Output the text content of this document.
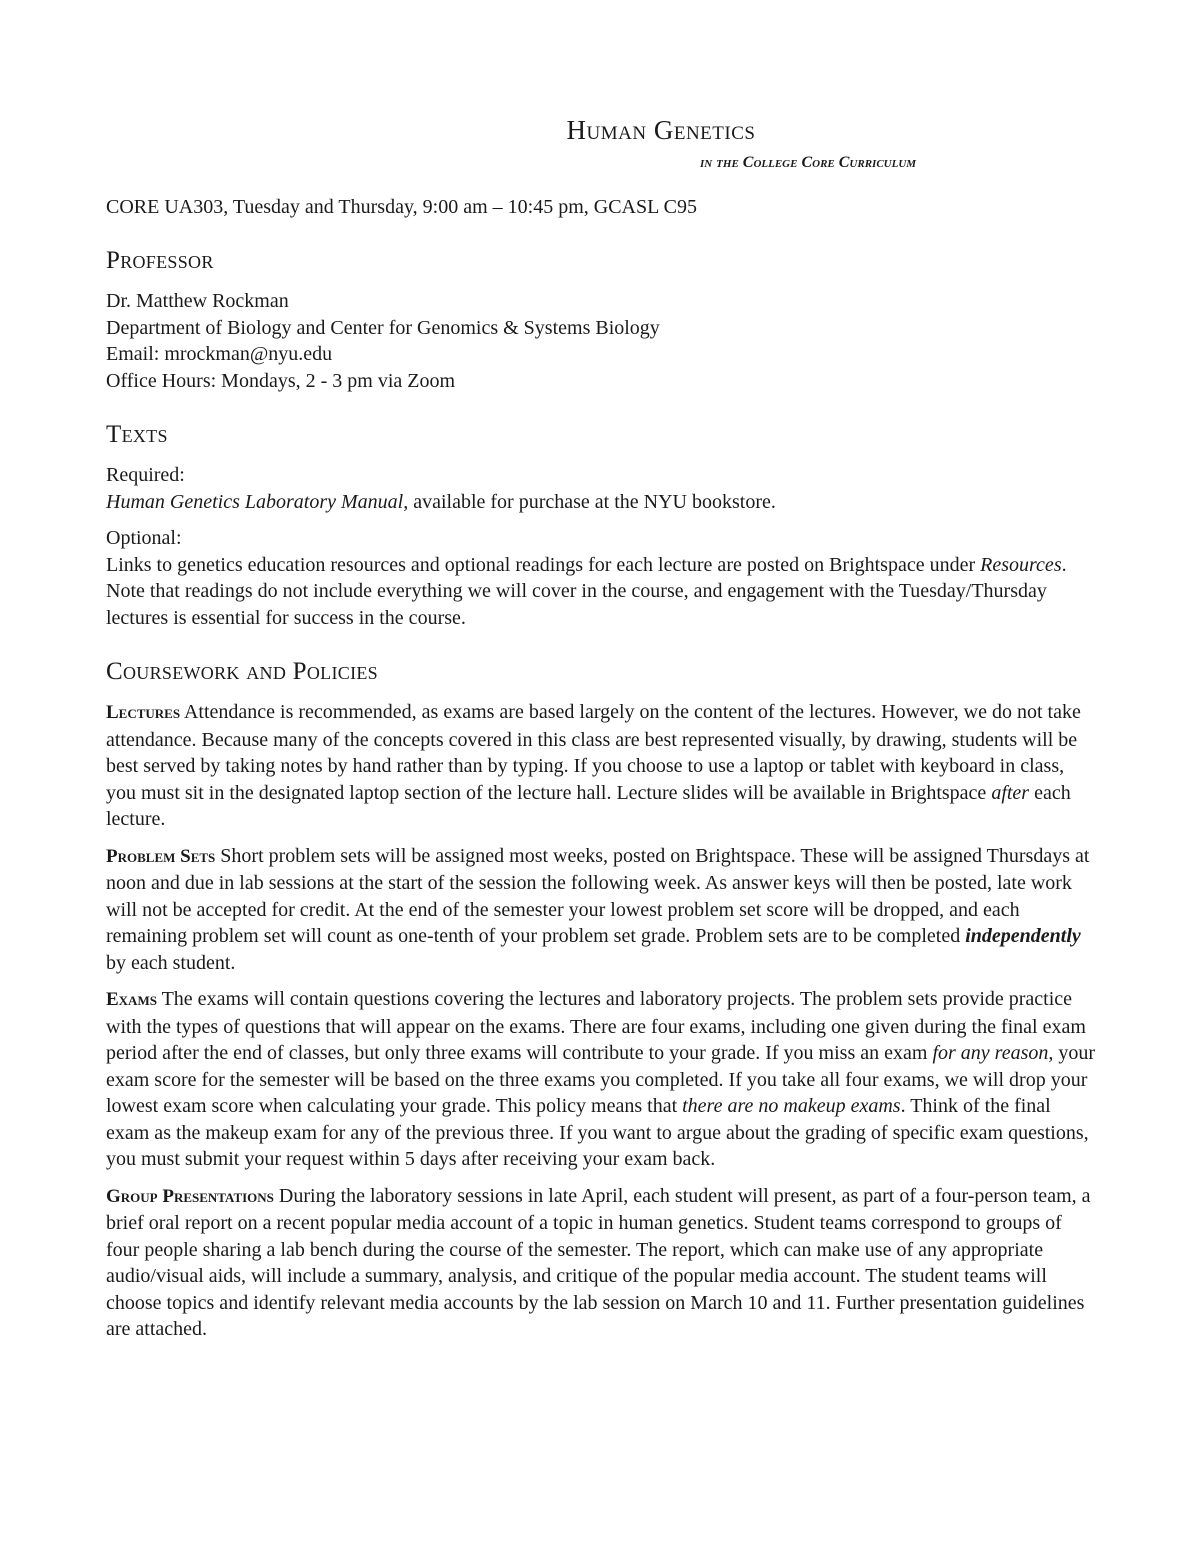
Human Genetics
in the College Core Curriculum
CORE UA303, Tuesday and Thursday, 9:00 am – 10:45 pm, GCASL C95
Professor
Dr. Matthew Rockman
Department of Biology and Center for Genomics & Systems Biology
Email: mrockman@nyu.edu
Office Hours: Mondays, 2 - 3 pm via Zoom
Texts
Required:
Human Genetics Laboratory Manual, available for purchase at the NYU bookstore.
Optional:
Links to genetics education resources and optional readings for each lecture are posted on Brightspace under Resources. Note that readings do not include everything we will cover in the course, and engagement with the Tuesday/Thursday lectures is essential for success in the course.
Coursework and Policies

Lectures Attendance is recommended, as exams are based largely on the content of the lectures. However, we do not take attendance. Because many of the concepts covered in this class are best represented visually, by drawing, students will be best served by taking notes by hand rather than by typing. If you choose to use a laptop or tablet with keyboard in class, you must sit in the designated laptop section of the lecture hall. Lecture slides will be available in Brightspace after each lecture.

Problem Sets Short problem sets will be assigned most weeks, posted on Brightspace. These will be assigned Thursdays at noon and due in lab sessions at the start of the session the following week. As answer keys will then be posted, late work will not be accepted for credit. At the end of the semester your lowest problem set score will be dropped, and each remaining problem set will count as one-tenth of your problem set grade. Problem sets are to be completed independently by each student.

Exams The exams will contain questions covering the lectures and laboratory projects. The problem sets provide practice with the types of questions that will appear on the exams. There are four exams, including one given during the final exam period after the end of classes, but only three exams will contribute to your grade. If you miss an exam for any reason, your exam score for the semester will be based on the three exams you completed. If you take all four exams, we will drop your lowest exam score when calculating your grade. This policy means that there are no makeup exams. Think of the final exam as the makeup exam for any of the previous three. If you want to argue about the grading of specific exam questions, you must submit your request within 5 days after receiving your exam back.

Group Presentations During the laboratory sessions in late April, each student will present, as part of a four-person team, a brief oral report on a recent popular media account of a topic in human genetics. Student teams correspond to groups of four people sharing a lab bench during the course of the semester. The report, which can make use of any appropriate audio/visual aids, will include a summary, analysis, and critique of the popular media account. The student teams will choose topics and identify relevant media accounts by the lab session on March 10 and 11. Further presentation guidelines are attached.
